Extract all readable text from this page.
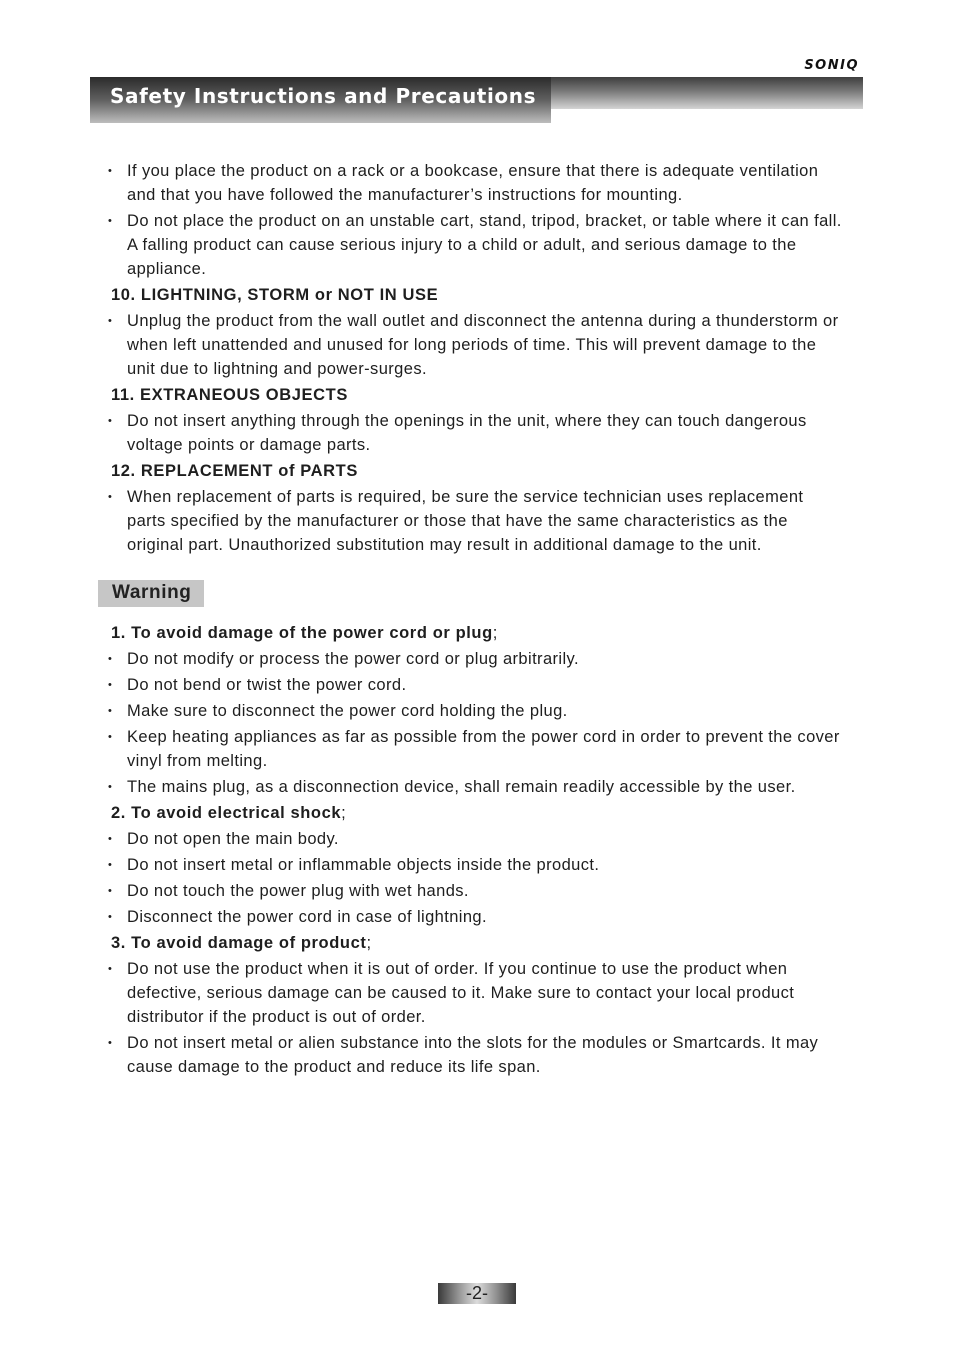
SONIQ
Safety Instructions and Precautions
• If you place the product on a rack or a bookcase, ensure that there is adequate ventilation and that you have followed the manufacturer’s instructions for mounting.
• Do not place the product on an unstable cart, stand, tripod, bracket, or table where it can fall. A falling product can cause serious injury to a child or adult, and serious damage to the appliance.
10. LIGHTNING, STORM or NOT IN USE
• Unplug the product from the wall outlet and disconnect the antenna during a thunderstorm or when left unattended and unused for long periods of time. This will prevent damage to the unit due to lightning and power-surges.
11. EXTRANEOUS OBJECTS
• Do not insert anything through the openings in the unit, where they can touch dangerous voltage points or damage parts.
12. REPLACEMENT of PARTS
• When replacement of parts is required, be sure the service technician uses replacement parts specified by the manufacturer or those that have the same characteristics as the original part. Unauthorized substitution may result in additional damage to the unit.
Warning
1. To avoid damage of the power cord or plug;
• Do not modify or process the power cord or plug arbitrarily.
• Do not bend or twist the power cord.
• Make sure to disconnect the power cord holding the plug.
• Keep heating appliances as far as possible from the power cord in order to prevent the cover vinyl from melting.
• The mains plug, as a disconnection device, shall remain readily accessible by the user.
2. To avoid electrical shock;
• Do not open the main body.
• Do not insert metal or inflammable objects inside the product.
• Do not touch the power plug with wet hands.
• Disconnect the power cord in case of lightning.
3. To avoid damage of product;
• Do not use the product when it is out of order. If you continue to use the product when defective, serious damage can be caused to it. Make sure to contact your local product distributor if the product is out of order.
• Do not insert metal or alien substance into the slots for the modules or Smartcards. It may cause damage to the product and reduce its life span.
-2-
